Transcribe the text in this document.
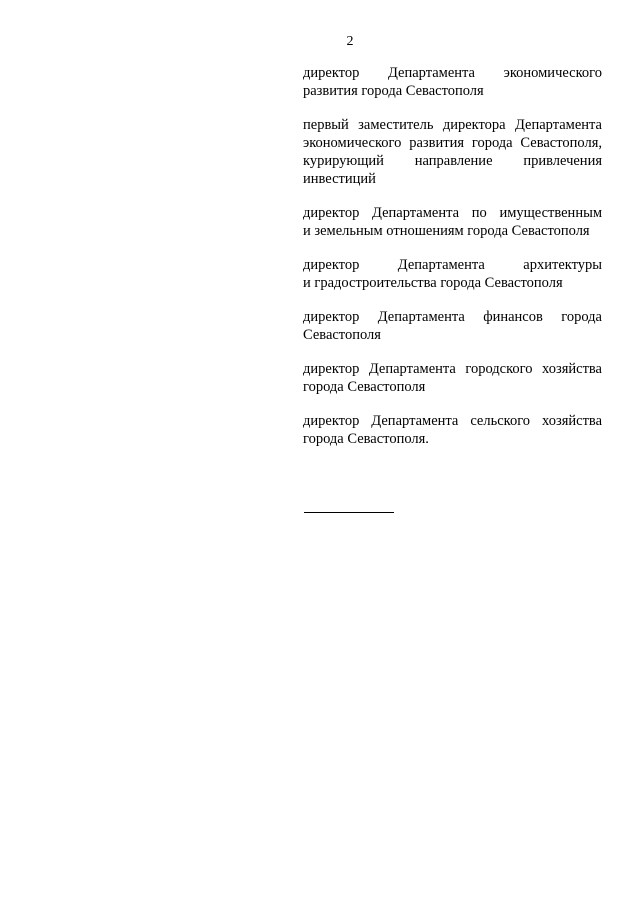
2

директор Департамента экономического
развития города Севастополя

первый заместитель директора Департамента
экономического развития города Севастополя,
курирующий направление привлечения
инвестиций

директор Департамента по имущественным
и земельным отношениям города Севастополя

директор Департамента архитектуры
и градостроительства города Севастополя

директор Департамента финансов города
Севастополя

директор Департамента городского хозяйства
города Севастополя

директор Департамента сельского хозяйства
города Севастополя.
